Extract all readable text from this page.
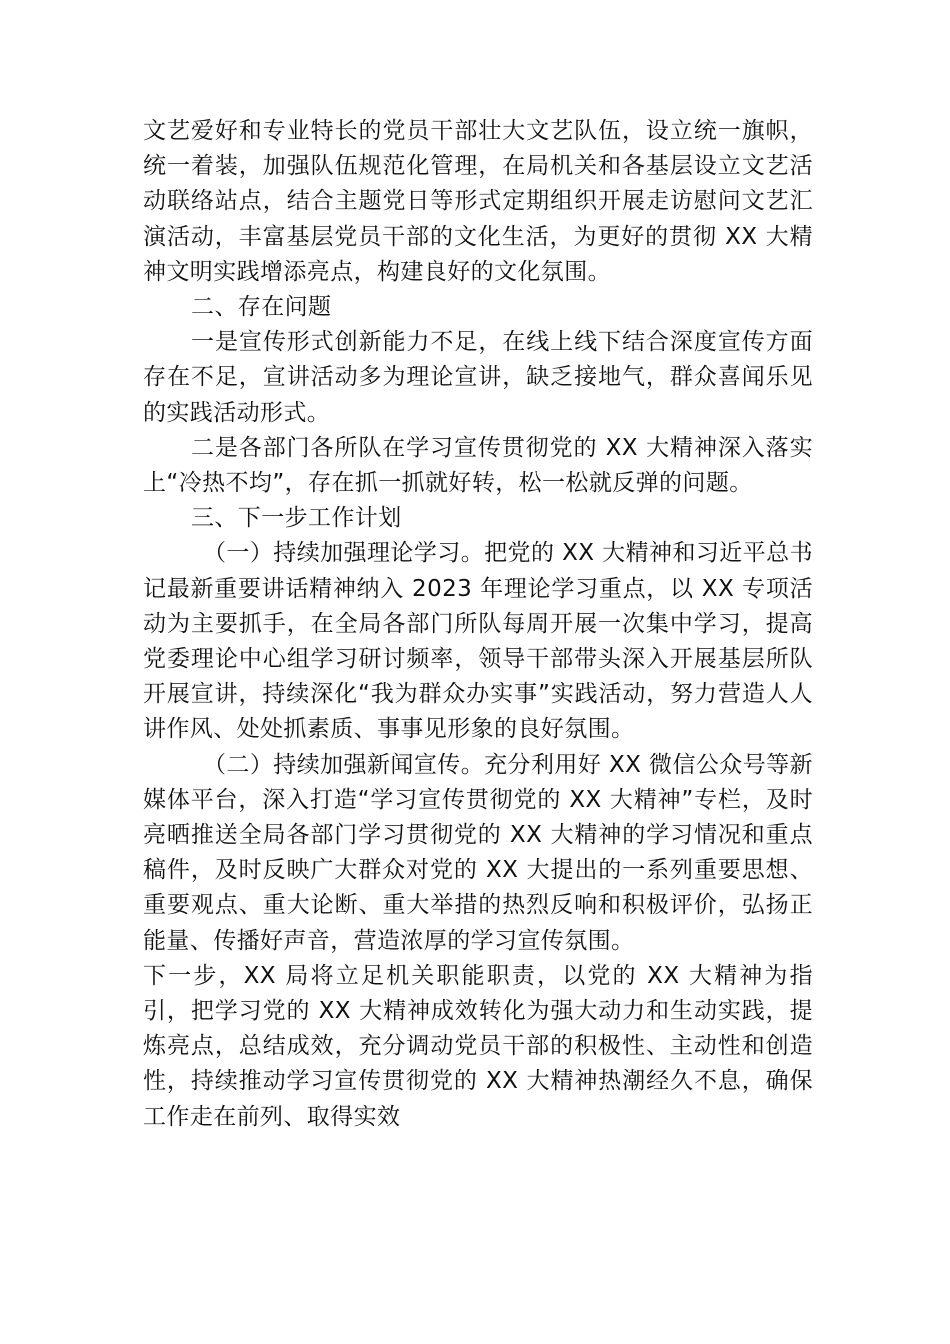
文艺爱好和专业特长的党员干部壮大文艺队伍，设立统一旗帜，统一着装，加强队伍规范化管理，在局机关和各基层设立文艺活动联络站点，结合主题党日等形式定期组织开展走访慰问文艺汇演活动，丰富基层党员干部的文化生活，为更好的贯彻 XX 大精神文明实践增添亮点，构建良好的文化氛围。

二、存在问题

一是宣传形式创新能力不足，在线上线下结合深度宣传方面存在不足，宣讲活动多为理论宣讲，缺乏接地气，群众喜闻乐见的实践活动形式。

二是各部门各所队在学习宣传贯彻党的 XX 大精神深入落实上“冷热不均”，存在抓一抓就好转，松一松就反弹的问题。

三、下一步工作计划

（一）持续加强理论学习。把党的 XX 大精神和习近平总书记最新重要讲话精神纳入 2023 年理论学习重点，以 XX 专项活动为主要抓手，在全局各部门所队每周开展一次集中学习，提高党委理论中心组学习研讨频率，领导干部带头深入开展基层所队开展宣讲，持续深化“我为群众办实事”实践活动，努力营造人人讲作风、处处抓素质、事事见形象的良好氛围。

（二）持续加强新闻宣传。充分利用好 XX 微信公众号等新媒体平台，深入打造“学习宣传贯彻党的 XX 大精神”专栏，及时亮晒推送全局各部门学习贯彻党的 XX 大精神的学习情况和重点稿件，及时反映广大群众对党的 XX 大提出的一系列重要思想、重要观点、重大论断、重大举措的热烈反响和积极评价，弘扬正能量、传播好声音，营造浓厚的学习宣传氛围。

下一步，XX 局将立足机关职能职责，以党的 XX 大精神为指引，把学习党的 XX 大精神成效转化为强大动力和生动实践，提炼亮点，总结成效，充分调动党员干部的积极性、主动性和创造性，持续推动学习宣传贯彻党的 XX 大精神热潮经久不息，确保工作走在前列、取得实效
